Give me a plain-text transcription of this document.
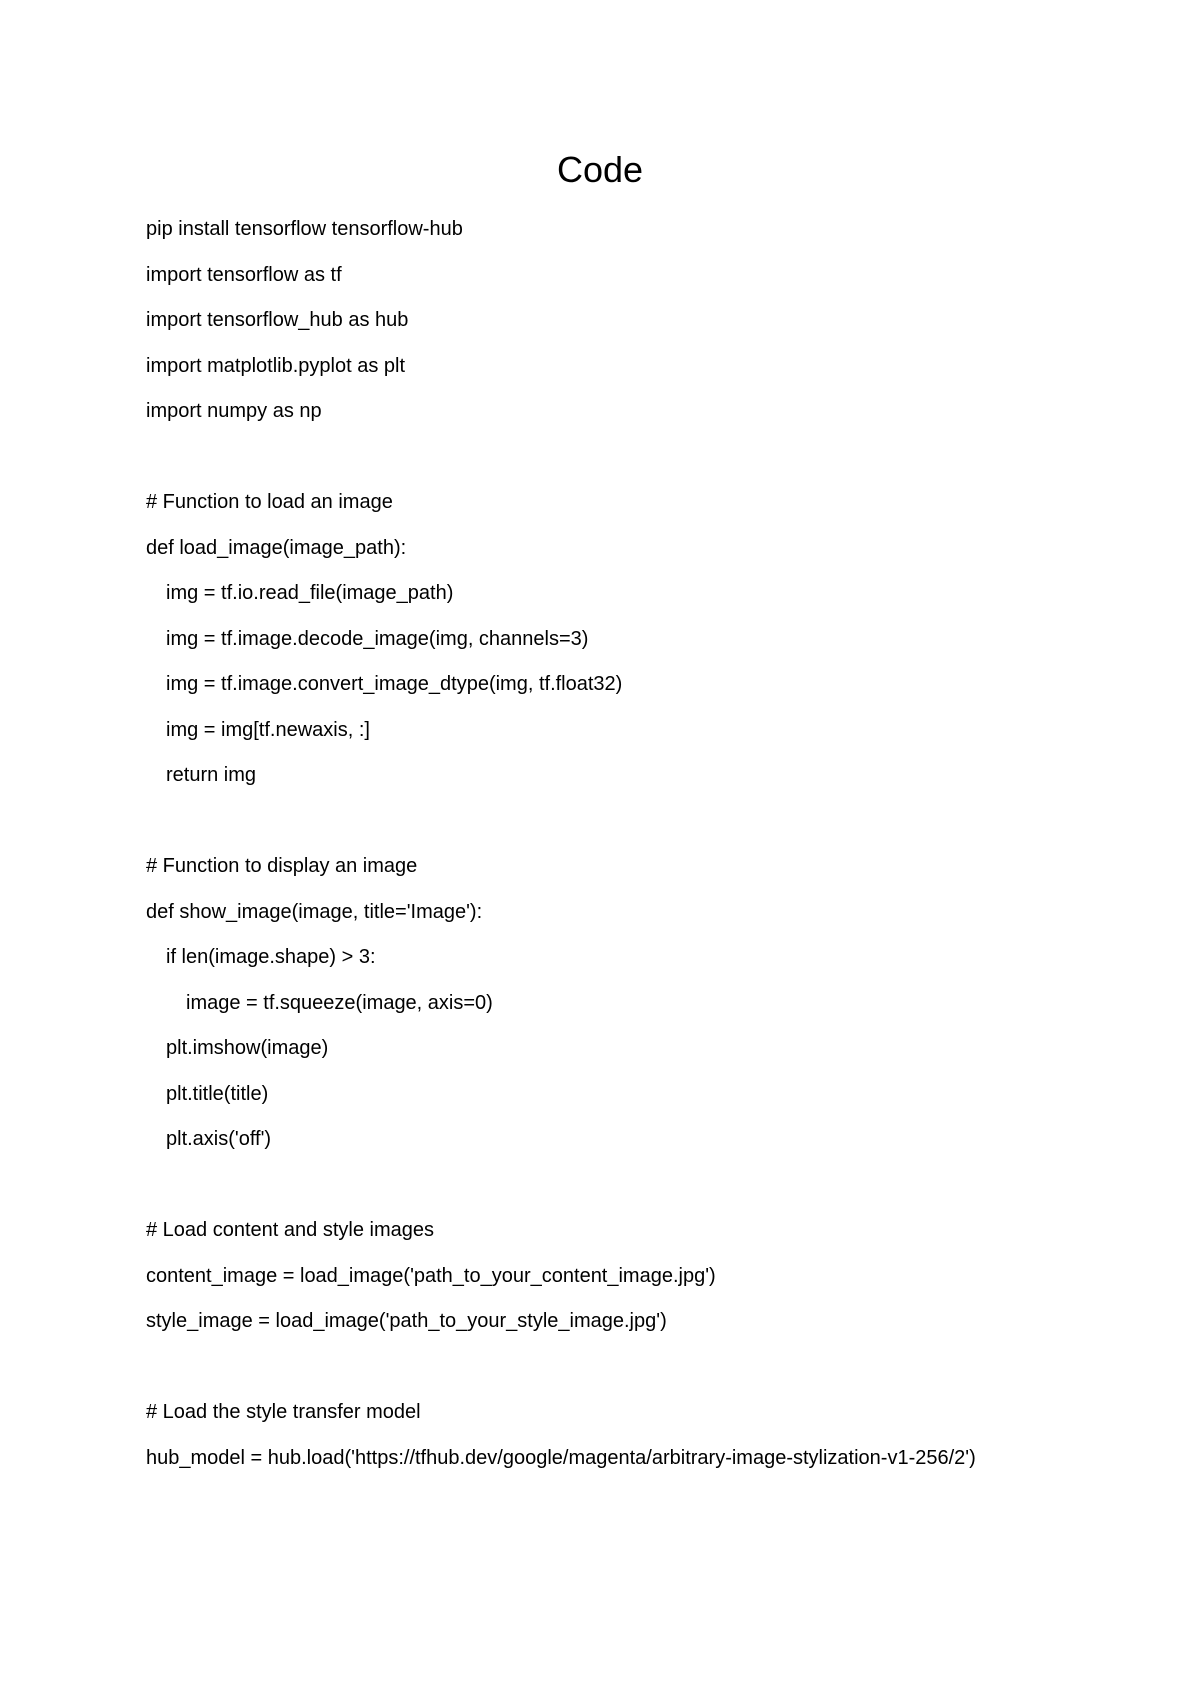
Code
pip install tensorflow tensorflow-hub
import tensorflow as tf
import tensorflow_hub as hub
import matplotlib.pyplot as plt
import numpy as np
# Function to load an image
def load_image(image_path):
img = tf.io.read_file(image_path)
img = tf.image.decode_image(img, channels=3)
img = tf.image.convert_image_dtype(img, tf.float32)
img = img[tf.newaxis, :]
return img
# Function to display an image
def show_image(image, title='Image'):
if len(image.shape) > 3:
image = tf.squeeze(image, axis=0)
plt.imshow(image)
plt.title(title)
plt.axis('off')
# Load content and style images
content_image = load_image('path_to_your_content_image.jpg')
style_image = load_image('path_to_your_style_image.jpg')
# Load the style transfer model
hub_model = hub.load('https://tfhub.dev/google/magenta/arbitrary-image-stylization-v1-256/2')
